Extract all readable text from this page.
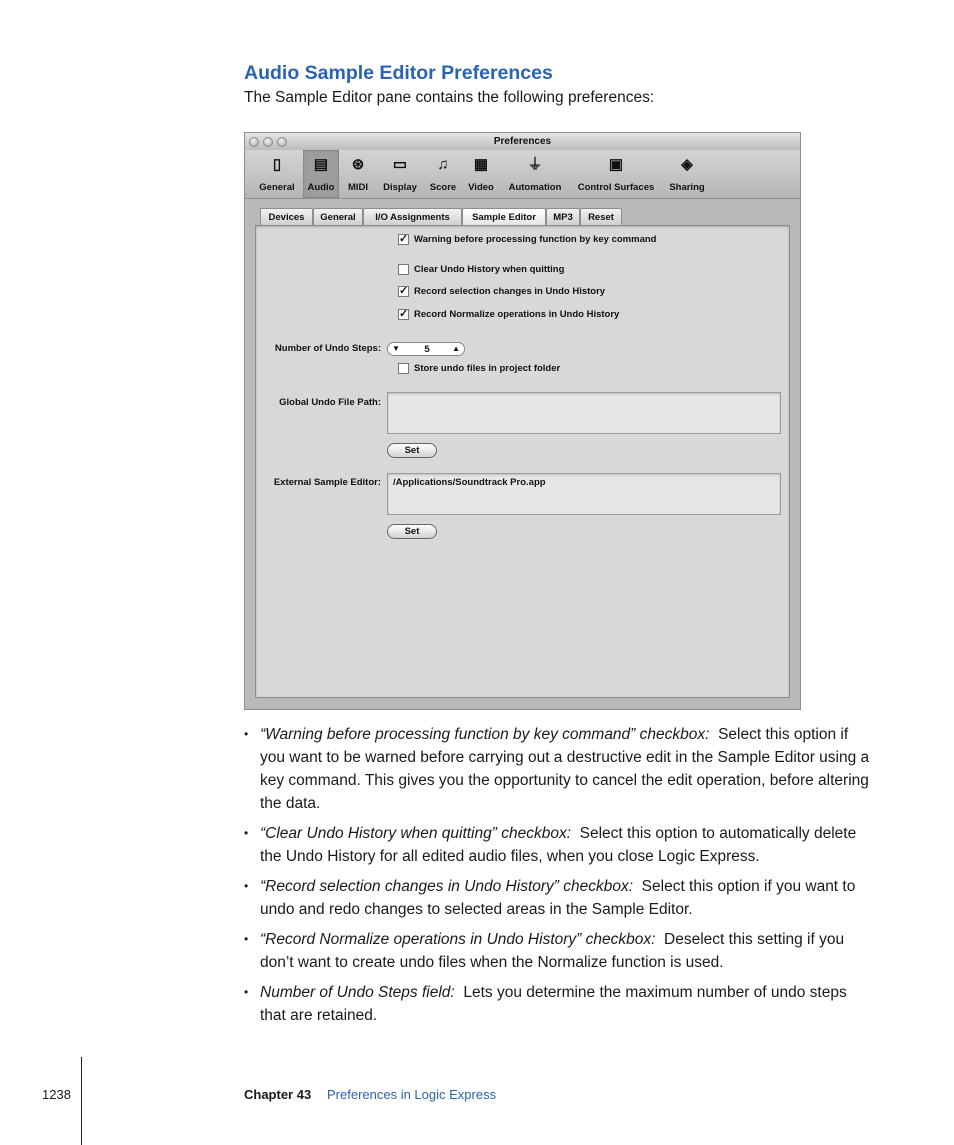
Audio Sample Editor Preferences
The Sample Editor pane contains the following preferences:
Preferences
▯
General
▤
Audio
⊛
MIDI
▭
Display
♫
Score
▦
Video
⏚
Automation
▣
Control Surfaces
◈
Sharing
Devices	General	I/O Assignments	Sample Editor	MP3	Reset
✓ Warning before processing function by key command
Clear Undo History when quitting
✓ Record selection changes in Undo History
✓ Record Normalize operations in Undo History
Number of Undo Steps: ▼	5	▲
Store undo files in project folder
Global Undo File Path:
Set
External Sample Editor:	/Applications/Soundtrack Pro.app
Set
• “Warning before processing function by key command” checkbox: Select this option if you want to be warned before carrying out a destructive edit in the Sample Editor using a key command. This gives you the opportunity to cancel the edit operation, before altering the data.
• “Clear Undo History when quitting” checkbox: Select this option to automatically delete the Undo History for all edited audio files, when you close Logic Express.
• “Record selection changes in Undo History” checkbox: Select this option if you want to undo and redo changes to selected areas in the Sample Editor.
• “Record Normalize operations in Undo History” checkbox: Deselect this setting if you don’t want to create undo files when the Normalize function is used.
• Number of Undo Steps field: Lets you determine the maximum number of undo steps that are retained.
1238	Chapter 43 Preferences in Logic Express
